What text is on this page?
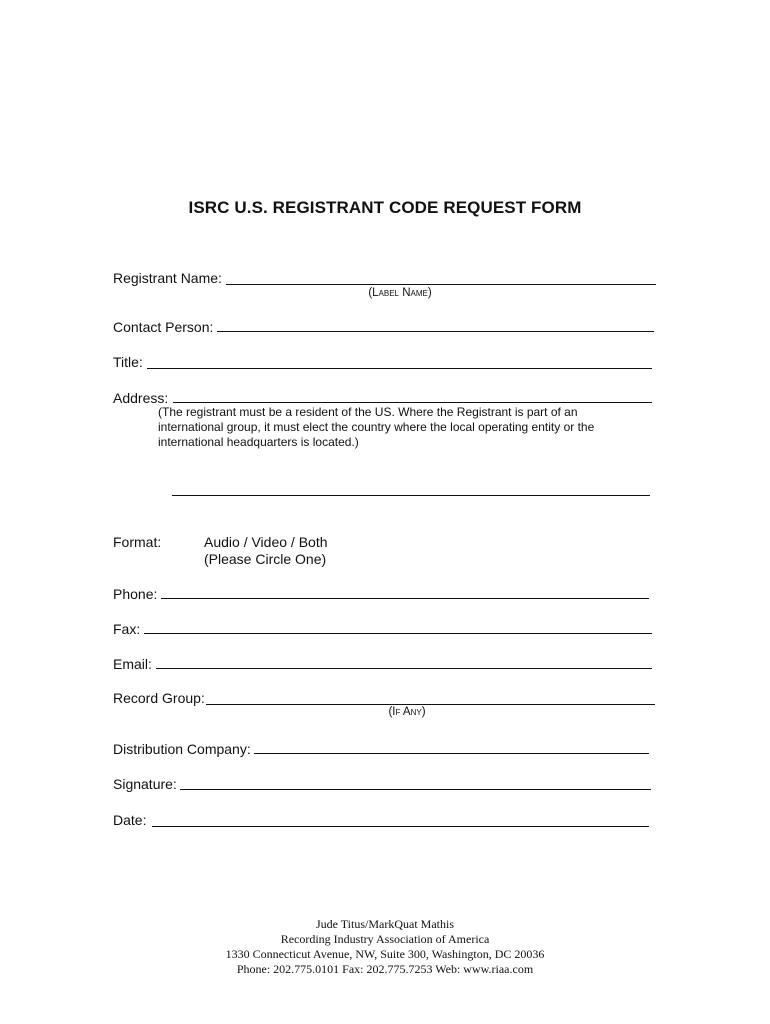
ISRC U.S. REGISTRANT CODE REQUEST FORM
Registrant Name:
(Label Name)
Contact Person:
Title:
Address:
(The registrant must be a resident of the US. Where the Registrant is part of an
international group, it must elect the country where the local operating entity or the
international headquarters is located.)
Format:	Audio / Video / Both
(Please Circle One)
Phone:
Fax:
Email:
Record Group:
(If Any)
Distribution Company:
Signature:
Date:
Jude Titus/MarkQuat Mathis
Recording Industry Association of America
1330 Connecticut Avenue, NW, Suite 300, Washington, DC 20036
Phone: 202.775.0101 Fax: 202.775.7253 Web: www.riaa.com
